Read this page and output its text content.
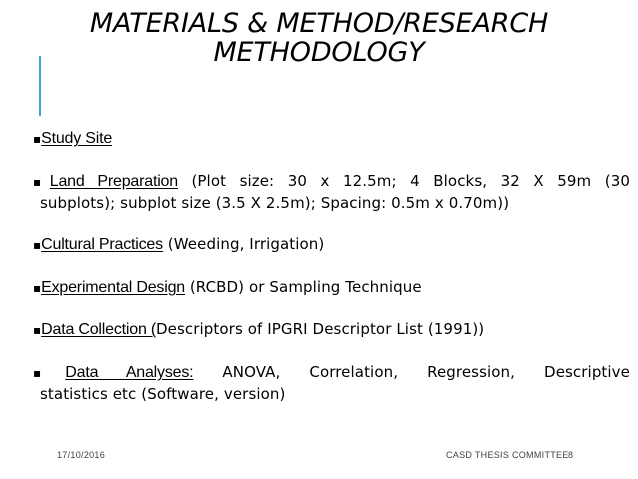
MATERIALS & METHOD/RESEARCH
METHODOLOGY
▪Study Site
▪Land Preparation (Plot size: 30 x 12.5m; 4 Blocks, 32 X 59m (30
subplots); subplot size (3.5 X 2.5m); Spacing: 0.5m x 0.70m))
▪Cultural Practices (Weeding, Irrigation)
▪Experimental Design (RCBD) or Sampling Technique
▪Data Collection (Descriptors of IPGRI Descriptor List (1991))
▪Data Analyses: ANOVA, Correlation, Regression, Descriptive
statistics etc (Software, version)
17/10/2016	CASD THESIS COMMITTEE 8
